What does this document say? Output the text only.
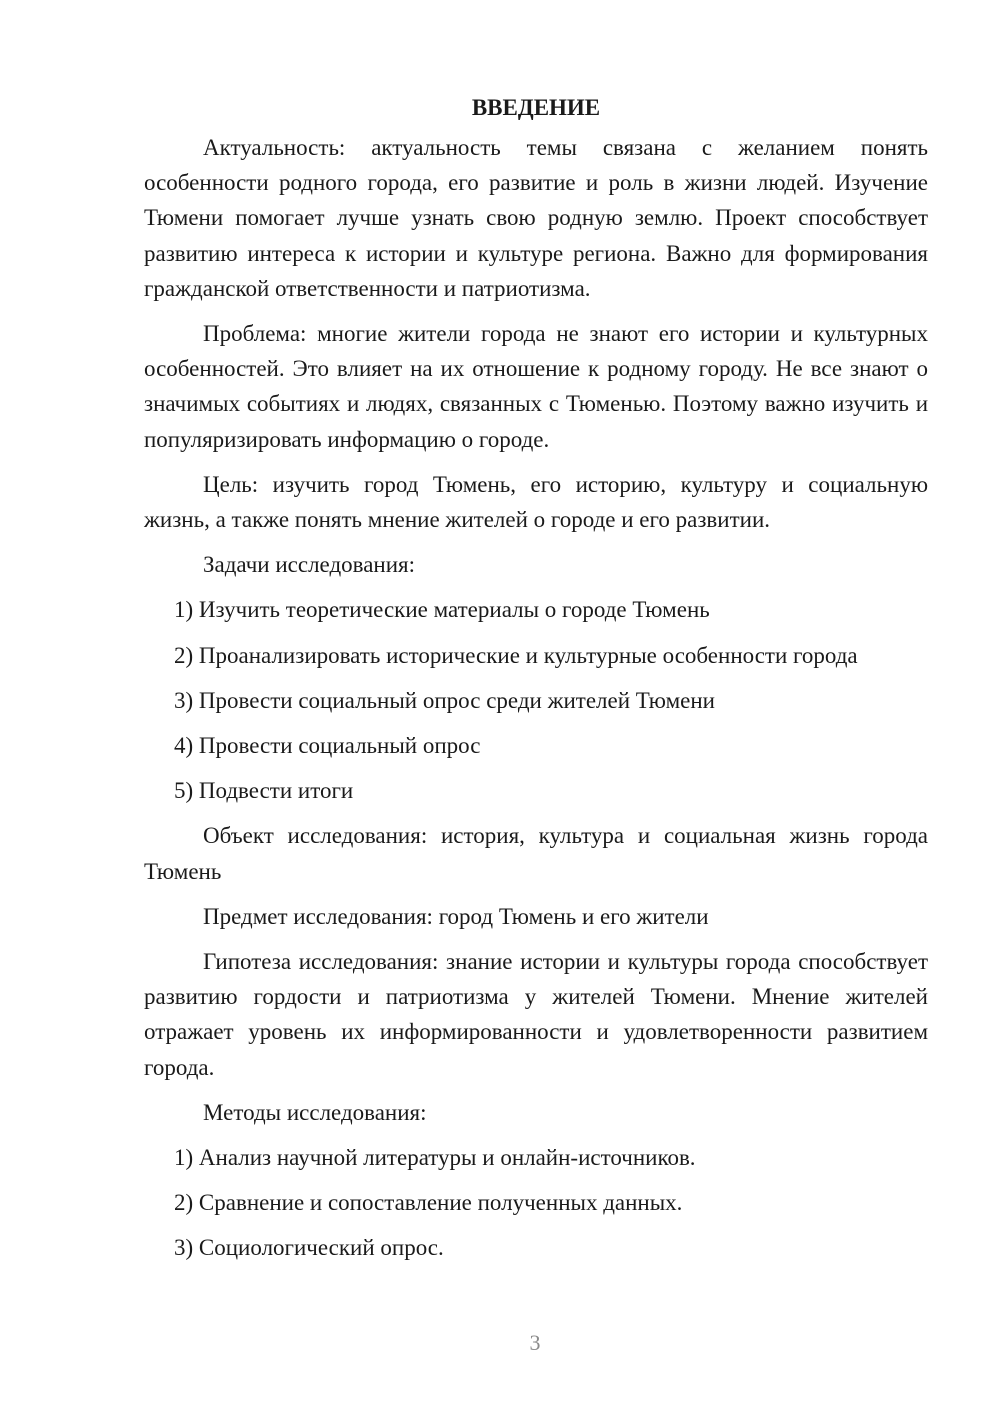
ВВЕДЕНИЕ

Актуальность: актуальность темы связана с желанием понять особенности родного города, его развитие и роль в жизни людей. Изучение Тюмени помогает лучше узнать свою родную землю. Проект способствует развитию интереса к истории и культуре региона. Важно для формирования гражданской ответственности и патриотизма.

Проблема: многие жители города не знают его истории и культурных особенностей. Это влияет на их отношение к родному городу. Не все знают о значимых событиях и людях, связанных с Тюменью. Поэтому важно изучить и популяризировать информацию о городе.

Цель: изучить город Тюмень, его историю, культуру и социальную жизнь, а также понять мнение жителей о городе и его развитии.

Задачи исследования:

1) Изучить теоретические материалы о городе Тюмень

2) Проанализировать исторические и культурные особенности города

3) Провести социальный опрос среди жителей Тюмени

4) Провести социальный опрос

5) Подвести итоги

Объект исследования: история, культура и социальная жизнь города Тюмень

Предмет исследования: город Тюмень и его жители

Гипотеза исследования: знание истории и культуры города способствует развитию гордости и патриотизма у жителей Тюмени. Мнение жителей отражает уровень их информированности и удовлетворенности развитием города.

Методы исследования:

1) Анализ научной литературы и онлайн-источников.

2) Сравнение и сопоставление полученных данных.

3) Социологический опрос.

3
